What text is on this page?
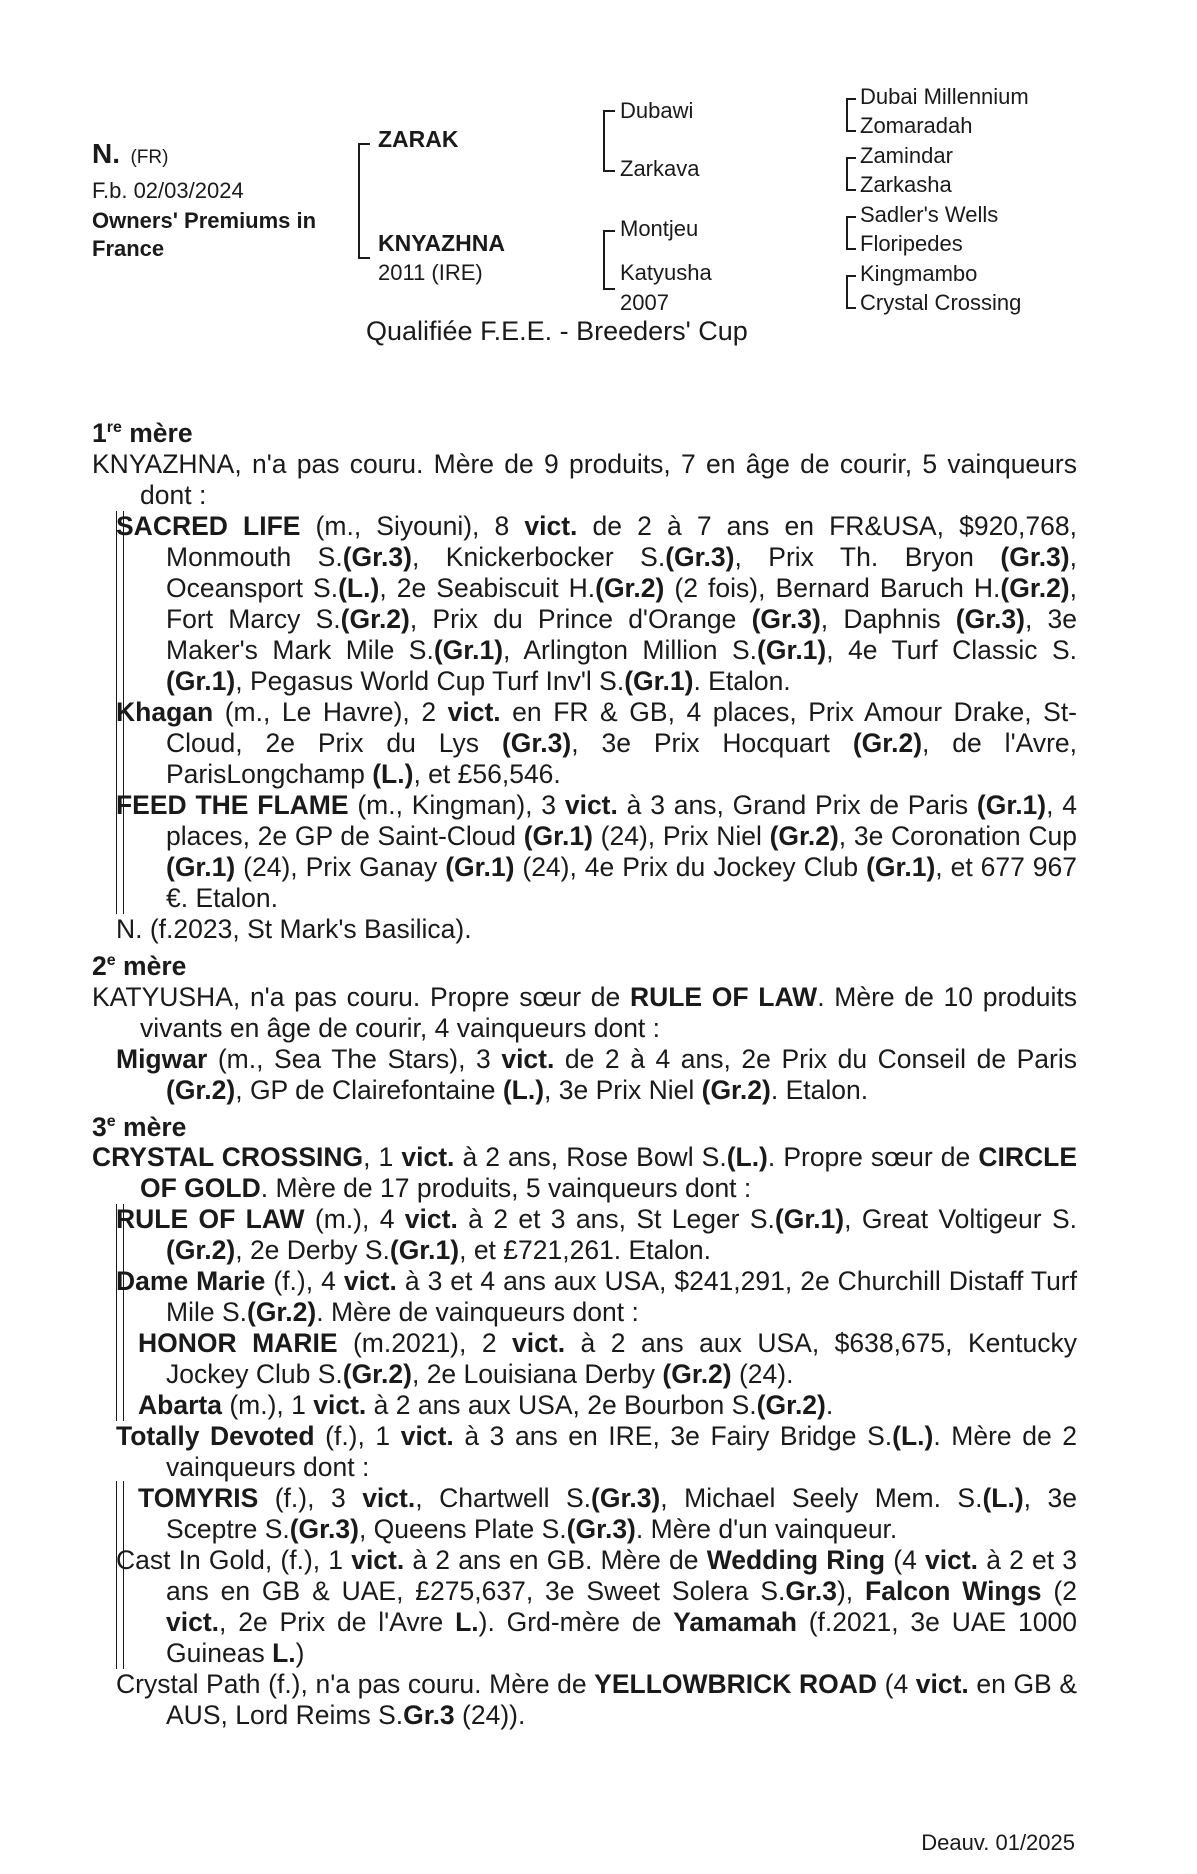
N. (FR)
F.b. 02/03/2024
Owners' Premiums in
France
ZARAK
KNYAZHNA
2011 (IRE)
Dubawi
Zarkava
Montjeu
Katyusha
2007
Dubai Millennium
Zomaradah
Zamindar
Zarkasha
Sadler's Wells
Floripedes
Kingmambo
Crystal Crossing
Qualifiée F.E.E. - Breeders' Cup

1re mère

KNYAZHNA, n'a pas couru. Mère de 9 produits, 7 en âge de courir, 5 vainqueurs dont :

SACRED LIFE (m., Siyouni), 8 vict. de 2 à 7 ans en FR&USA, $920,768, Monmouth S.(Gr.3), Knickerbocker S.(Gr.3), Prix Th. Bryon (Gr.3), Oceansport S.(L.), 2e Seabiscuit H.(Gr.2) (2 fois), Bernard Baruch H.(Gr.2), Fort Marcy S.(Gr.2), Prix du Prince d'Orange (Gr.3), Daphnis (Gr.3), 3e Maker's Mark Mile S.(Gr.1), Arlington Million S.(Gr.1), 4e Turf Classic S.(Gr.1), Pegasus World Cup Turf Inv'l S.(Gr.1). Etalon.

Khagan (m., Le Havre), 2 vict. en FR & GB, 4 places, Prix Amour Drake, St-Cloud, 2e Prix du Lys (Gr.3), 3e Prix Hocquart (Gr.2), de l'Avre, ParisLongchamp (L.), et £56,546.

FEED THE FLAME (m., Kingman), 3 vict. à 3 ans, Grand Prix de Paris (Gr.1), 4 places, 2e GP de Saint-Cloud (Gr.1) (24), Prix Niel (Gr.2), 3e Coronation Cup (Gr.1) (24), Prix Ganay (Gr.1) (24), 4e Prix du Jockey Club (Gr.1), et 677 967 €. Etalon.

N. (f.2023, St Mark's Basilica).

2e mère

KATYUSHA, n'a pas couru. Propre sœur de RULE OF LAW. Mère de 10 produits vivants en âge de courir, 4 vainqueurs dont :

Migwar (m., Sea The Stars), 3 vict. de 2 à 4 ans, 2e Prix du Conseil de Paris (Gr.2), GP de Clairefontaine (L.), 3e Prix Niel (Gr.2). Etalon.

3e mère

CRYSTAL CROSSING, 1 vict. à 2 ans, Rose Bowl S.(L.). Propre sœur de CIRCLE OF GOLD. Mère de 17 produits, 5 vainqueurs dont :

RULE OF LAW (m.), 4 vict. à 2 et 3 ans, St Leger S.(Gr.1), Great Voltigeur S.(Gr.2), 2e Derby S.(Gr.1), et £721,261. Etalon.

Dame Marie (f.), 4 vict. à 3 et 4 ans aux USA, $241,291, 2e Churchill Distaff Turf Mile S.(Gr.2). Mère de vainqueurs dont :

HONOR MARIE (m.2021), 2 vict. à 2 ans aux USA, $638,675, Kentucky Jockey Club S.(Gr.2), 2e Louisiana Derby (Gr.2) (24).

Abarta (m.), 1 vict. à 2 ans aux USA, 2e Bourbon S.(Gr.2).

Totally Devoted (f.), 1 vict. à 3 ans en IRE, 3e Fairy Bridge S.(L.). Mère de 2 vainqueurs dont :

TOMYRIS (f.), 3 vict., Chartwell S.(Gr.3), Michael Seely Mem. S.(L.), 3e Sceptre S.(Gr.3), Queens Plate S.(Gr.3). Mère d'un vainqueur.

Cast In Gold, (f.), 1 vict. à 2 ans en GB. Mère de Wedding Ring (4 vict. à 2 et 3 ans en GB & UAE, £275,637, 3e Sweet Solera S.Gr.3), Falcon Wings (2 vict., 2e Prix de l'Avre L.). Grd-mère de Yamamah (f.2021, 3e UAE 1000 Guineas L.)

Crystal Path (f.), n'a pas couru. Mère de YELLOWBRICK ROAD (4 vict. en GB & AUS, Lord Reims S.Gr.3 (24)).

Deauv. 01/2025
